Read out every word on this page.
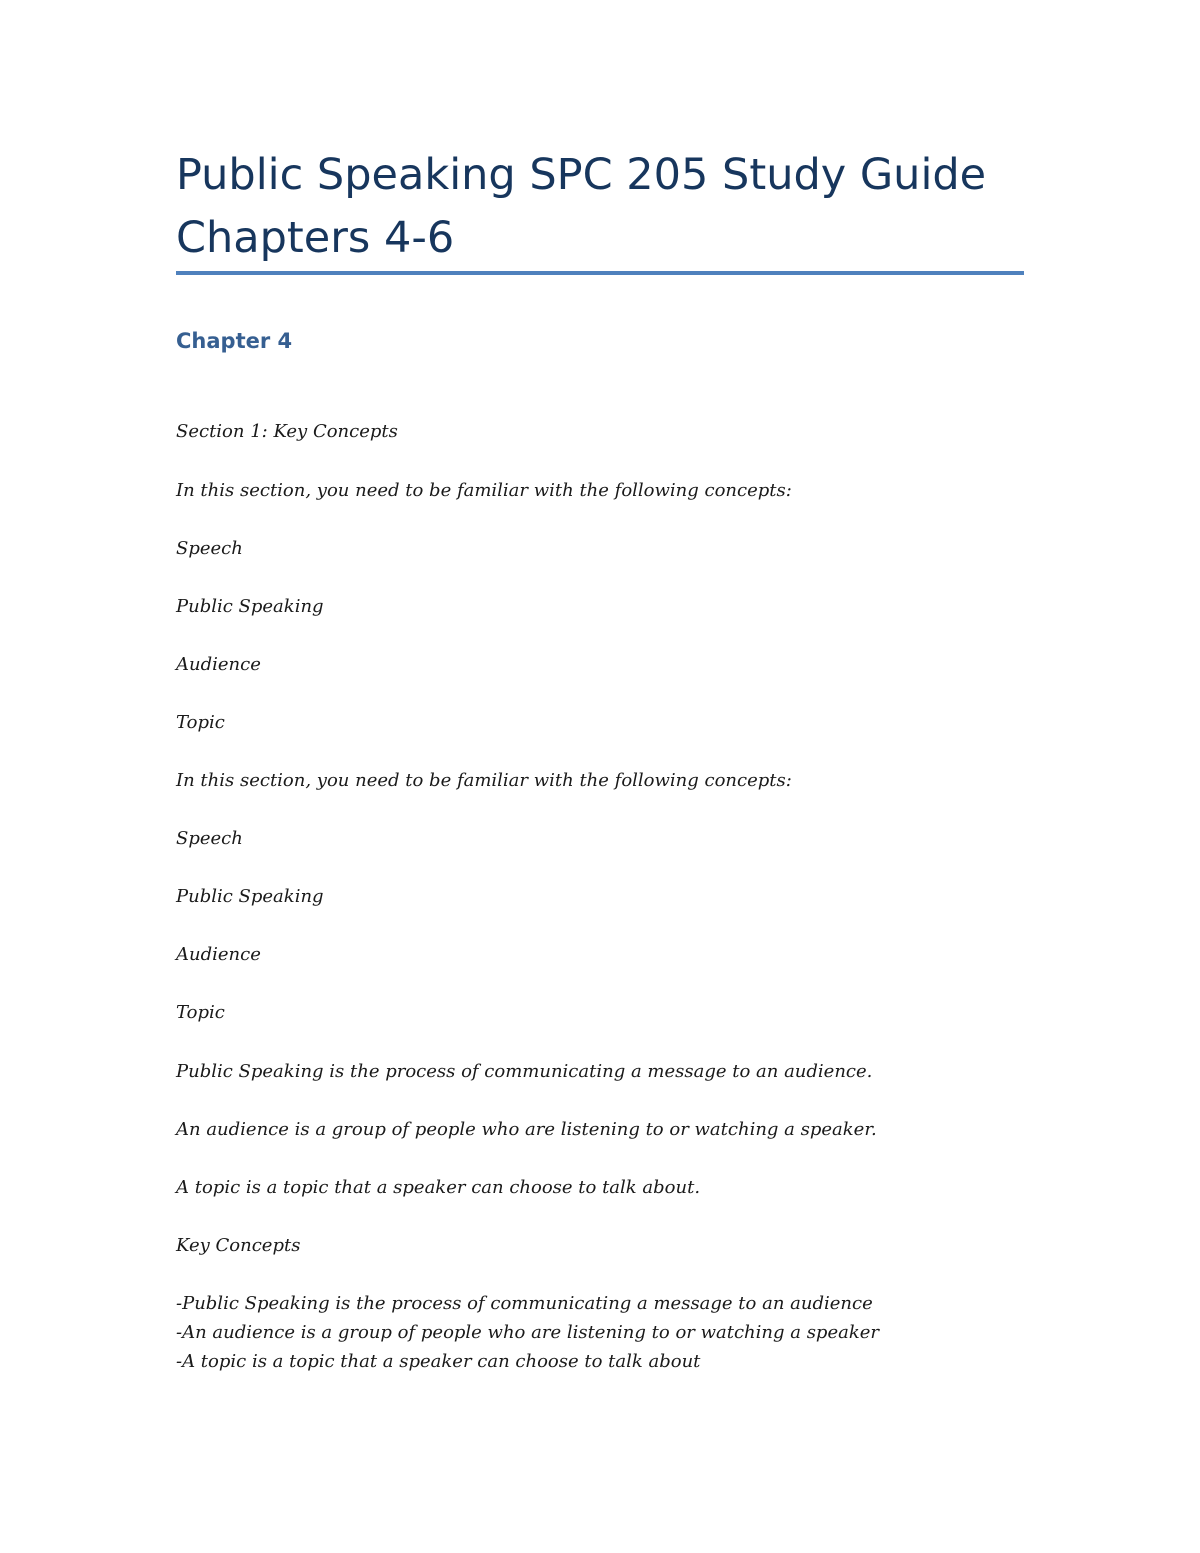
Public Speaking SPC 205 Study Guide
Chapters 4-6
Chapter 4

Section 1: Key Concepts

In this section, you need to be familiar with the following concepts:

Speech

Public Speaking

Audience

Topic

In this section, you need to be familiar with the following concepts:

Speech

Public Speaking

Audience

Topic

Public Speaking is the process of communicating a message to an audience.

An audience is a group of people who are listening to or watching a speaker.

A topic is a topic that a speaker can choose to talk about.

Key Concepts

-Public Speaking is the process of communicating a message to an audience

-An audience is a group of people who are listening to or watching a speaker

-A topic is a topic that a speaker can choose to talk about
